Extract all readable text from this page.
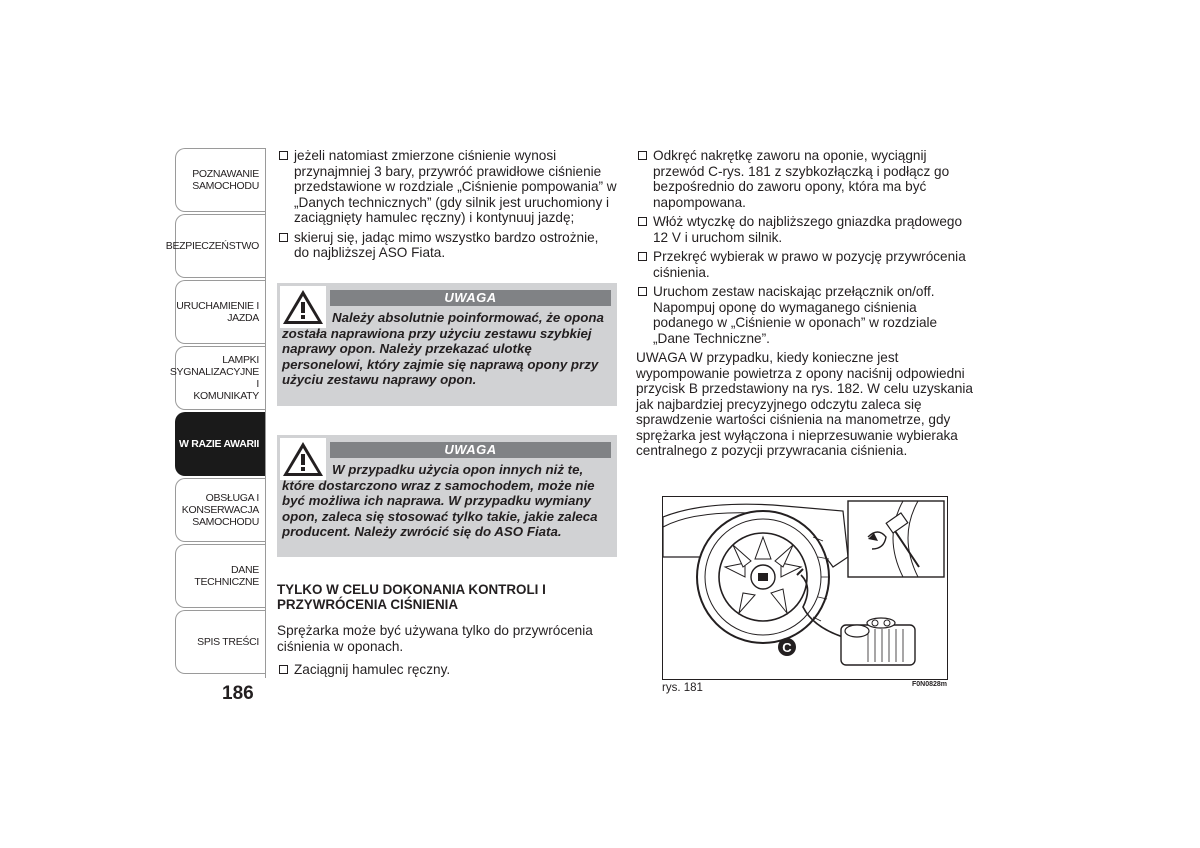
POZNAWANIE
SAMOCHODU
BEZPIECZEŃSTWO
URUCHAMIENIE I
JAZDA
LAMPKI
SYGNALIZACYJNE I
KOMUNIKATY
W RAZIE AWARII
OBSŁUGA I
KONSERWACJA
SAMOCHODU
DANE TECHNICZNE
SPIS TREŚCI
186
jeżeli natomiast zmierzone ciśnienie wynosi przynajmniej 3 bary, przywróć prawidłowe ciśnienie przedstawione w rozdziale „Ciśnienie pompowania” w „Danych technicznych” (gdy silnik jest uruchomiony i zaciągnięty hamulec ręczny) i kontynuuj jazdę;
skieruj się, jadąc mimo wszystko bardzo ostrożnie, do najbliższej ASO Fiata.
UWAGA
Należy absolutnie poinformować, że opona została naprawiona przy użyciu zestawu szybkiej naprawy opon. Należy przekazać ulotkę personelowi, który zajmie się naprawą opony przy użyciu zestawu naprawy opon.
UWAGA
W przypadku użycia opon innych niż te, które dostarczono wraz z samochodem, może nie być możliwa ich naprawa. W przypadku wymiany opon, zaleca się stosować tylko takie, jakie zaleca producent. Należy zwrócić się do ASO Fiata.
TYLKO W CELU DOKONANIA KONTROLI I PRZYWRÓCENIA CIŚNIENIA
Sprężarka może być używana tylko do przywrócenia ciśnienia w oponach.
Zaciągnij hamulec ręczny.
Odkręć nakrętkę zaworu na oponie, wyciągnij przewód C-rys. 181 z szybkozłączką i podłącz go bezpośrednio do zaworu opony, która ma być napompowana.
Włóż wtyczkę do najbliższego gniazdka prądowego 12 V i uruchom silnik.
Przekręć wybierak w prawo w pozycję przywrócenia ciśnienia.
Uruchom zestaw naciskając przełącznik on/off. Napompuj oponę do wymaganego ciśnienia podanego w „Ciśnienie w oponach” w rozdziale „Dane Techniczne”.
UWAGA W przypadku, kiedy konieczne jest wypompowanie powietrza z opony naciśnij odpowiedni przycisk B przedstawiony na rys. 182. W celu uzyskania jak najbardziej precyzyjnego odczytu zaleca się sprawdzenie wartości ciśnienia na manometrze, gdy sprężarka jest wyłączona i nieprzesuwanie wybieraka centralnego z pozycji przywracania ciśnienia.
C
rys. 181	F0N0828m
